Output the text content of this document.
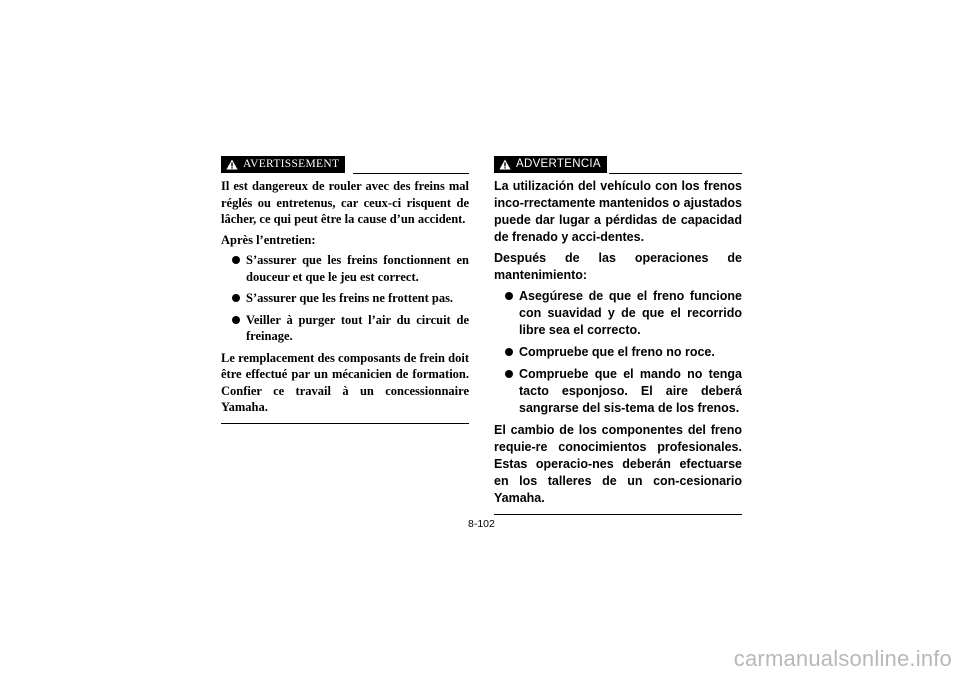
AVERTISSEMENT

Il est dangereux de rouler avec des freins mal réglés ou entretenus, car ceux-ci risquent de lâcher, ce qui peut être la cause d’un accident.

Après l’entretien:

S’assurer que les freins fonctionnent en douceur et que le jeu est correct.
S’assurer que les freins ne frottent pas.
Veiller à purger tout l’air du circuit de freinage.

Le remplacement des composants de frein doit être effectué par un mécanicien de formation. Confier ce travail à un concessionnaire Yamaha.

ADVERTENCIA

La utilización del vehículo con los frenos inco-rrectamente mantenidos o ajustados puede dar lugar a pérdidas de capacidad de frenado y acci-dentes.

Después de las operaciones de mantenimiento:

Asegúrese de que el freno funcione con suavidad y de que el recorrido libre sea el correcto.
Compruebe que el freno no roce.
Compruebe que el mando no tenga tacto esponjoso. El aire deberá sangrarse del sis-tema de los frenos.

El cambio de los componentes del freno requie-re conocimientos profesionales. Estas operacio-nes deberán efectuarse en los talleres de un con-cesionario Yamaha.

8-102
carmanualsonline.info
